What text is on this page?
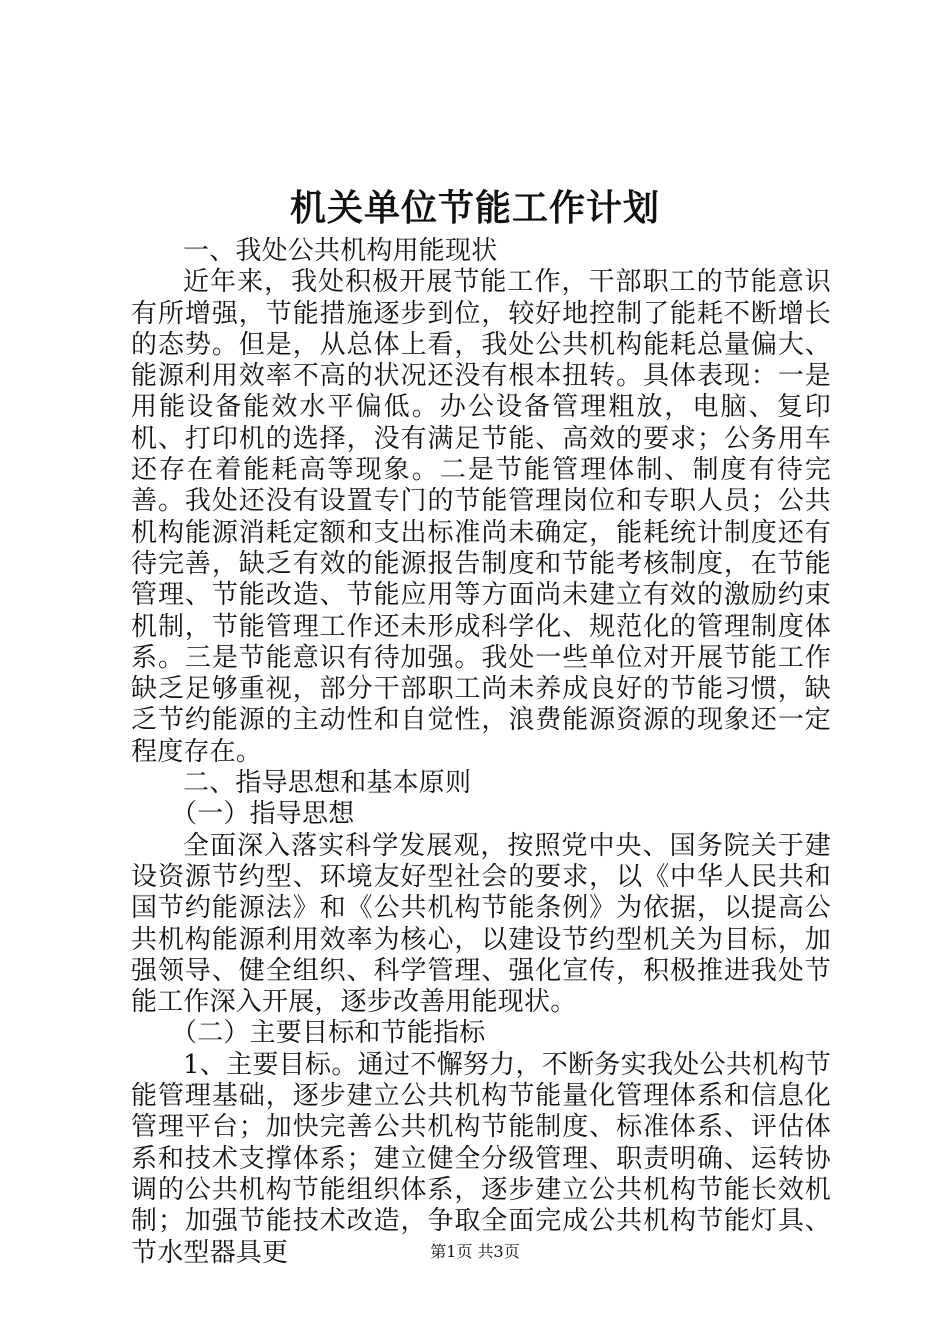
机关单位节能工作计划

一、我处公共机构用能现状

近年来，我处积极开展节能工作，干部职工的节能意识有所增强，节能措施逐步到位，较好地控制了能耗不断增长的态势。但是，从总体上看，我处公共机构能耗总量偏大、能源利用效率不高的状况还没有根本扭转。具体表现：一是用能设备能效水平偏低。办公设备管理粗放，电脑、复印机、打印机的选择，没有满足节能、高效的要求；公务用车还存在着能耗高等现象。二是节能管理体制、制度有待完善。我处还没有设置专门的节能管理岗位和专职人员；公共机构能源消耗定额和支出标准尚未确定，能耗统计制度还有待完善，缺乏有效的能源报告制度和节能考核制度，在节能管理、节能改造、节能应用等方面尚未建立有效的激励约束机制，节能管理工作还未形成科学化、规范化的管理制度体系。三是节能意识有待加强。我处一些单位对开展节能工作缺乏足够重视，部分干部职工尚未养成良好的节能习惯，缺乏节约能源的主动性和自觉性，浪费能源资源的现象还一定程度存在。

二、指导思想和基本原则

（一）指导思想

全面深入落实科学发展观，按照党中央、国务院关于建设资源节约型、环境友好型社会的要求，以《中华人民共和国节约能源法》和《公共机构节能条例》为依据，以提高公共机构能源利用效率为核心，以建设节约型机关为目标，加强领导、健全组织、科学管理、强化宣传，积极推进我处节能工作深入开展，逐步改善用能现状。

（二）主要目标和节能指标

1、主要目标。通过不懈努力，不断务实我处公共机构节能管理基础，逐步建立公共机构节能量化管理体系和信息化管理平台；加快完善公共机构节能制度、标准体系、评估体系和技术支撑体系；建立健全分级管理、职责明确、运转协调的公共机构节能组织体系，逐步建立公共机构节能长效机制；加强节能技术改造，争取全面完成公共机构节能灯具、节水型器具更	第1页 共3页
